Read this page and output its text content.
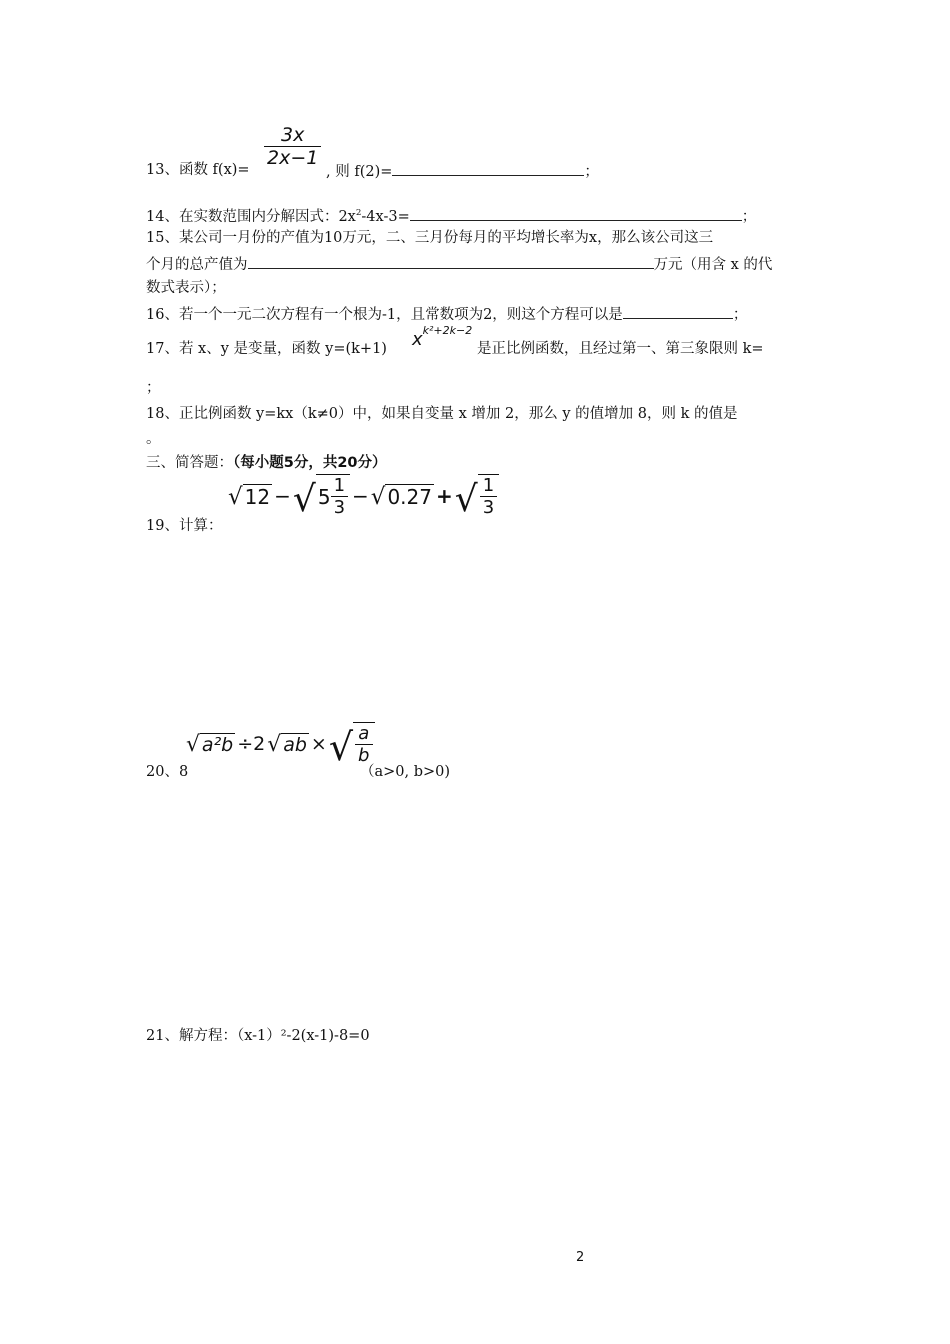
13、函数 f(x)=
$\frac{3x}{2x-1}$
, 则 f(2)=	；
14、在实数范围内分解因式：$2x^2-4x-3=$	；
15、某公司一月份的产值为10万元，二、三月份每月的平均增长率为x，那么该公司这三
个月的总产值为	万元（用含 x 的代
数式表示）；
16、若一个一元二次方程有一个根为-1，且常数项为2，则这个方程可以是	；
17、若 x、y 是变量，函数 y=(k+1) $x^{k^2+2k-2}$
是正比例函数，且经过第一、第三象限则 k=
；
18、正比例函数 y=kx（k≠0）中，如果自变量 x 增加 2，那么 y 的值增加 8，则 k 的值是
。
三、简答题：（每小题5分，共20分）
19、计算：
√ 12 − √ $5 \frac{1}{3}$ − √ 0.27 + √ $\frac{1}{3}$
20、8
√ a²b ÷2 √ ab × √ $\frac{a}{b}$
（a>0, b>0)
21、解方程：（x-1）²-2(x-1)-8=0
2
